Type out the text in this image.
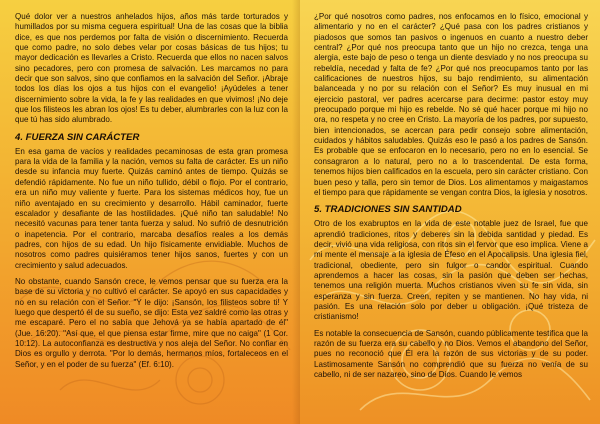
Qué dolor ver a nuestros anhelados hijos, años más tarde torturados y humillados por su misma ceguera espiritual! Una de las cosas que la biblia dice, es que nos perdemos por falta de visión o discernimiento. Recuerda que como padre, no solo debes velar por cosas básicas de tus hijos; tu mayor dedicación es llevarles a Cristo. Recuerda que ellos no nacen salvos sino pecadores, pero con promesa de salvación. Les marcamos no para decir que son salvos, sino que confiamos en la salvación del Señor. ¡Abraje todos los días los ojos a tus hijos con el evangelio! ¡Ayúdeles a tener discernimiento sobre la vida, la fe y las realidades en que vivimos! ¡No deje que los filisteos les abran los ojos! Es tu deber, alumbrarles con la luz con la que tú has sido alumbrado.

4. FUERZA SIN CARÁCTER

En esa gama de vacíos y realidades pecaminosas de esta gran promesa para la vida de la familia y la nación, vemos su falta de carácter. Es un niño desde su infancia muy fuerte. Quizás caminó antes de tiempo. Quizás se defendió rápidamente. No fue un niño tullido, débil o flojo. Por el contrario, era un niño muy valiente y fuerte. Para los sistemas médicos hoy, fue un niño aventajado en su crecimiento y desarrollo. Hábil caminador, fuerte escalador y desafiante de las hostilidades. ¡Qué niño tan saludable! No necesitó vacunas para tener tanta fuerza y salud. No sufrió de desnutrición o inapetencia. Por el contrario, marcaba desafíos reales a los demás padres, con hijos de su edad. Un hijo físicamente envidiable. Muchos de nosotros como padres quisiéramos tener hijos sanos, fuertes y con un crecimiento y salud adecuados.

No obstante, cuando Sansón crece, le vemos pensar que su fuerza era la base de su victoria y no cultivó el carácter. Se apoyó en sus capacidades y no en su relación con el Señor. "Y le dijo: ¡Sansón, los filisteos sobre ti! Y luego que despertó él de su sueño, se dijo: Esta vez saldré como las otras y me escaparé. Pero el no sabía que Jehová ya se había apartado de él" (Jue. 16:20). "Así que, el que piensa estar firme, mire que no caiga" (1 Cor. 10:12). La autoconfianza es destructiva y nos aleja del Señor. No confiar en Dios es orgullo y derrota. "Por lo demás, hermanos míos, fortaleceos en el Señor, y en el poder de su fuerza" (Ef. 6:10).

¿Por qué nosotros como padres, nos enfocamos en lo físico, emocional y alimentario y no en el carácter? ¿Qué pasa con los padres cristianos y piadosos que somos tan pasivos o ingenuos en cuanto a nuestro deber central? ¿Por qué nos preocupa tanto que un hijo no crezca, tenga una alergia, este bajo de peso o tenga un diente desviado y no nos preocupa su rebeldía, necedad y falta de fe? ¿Por qué nos preocupamos tanto por las calificaciones de nuestros hijos, su bajo rendimiento, su alimentación balanceada y no por su relación con el Señor? Es muy inusual en mi ejercicio pastoral, ver padres acercarse para decirme: pastor estoy muy preocupado porque mi hijo es rebelde. No sé qué hacer porque mi hijo no ora, no respeta y no cree en Cristo. La mayoría de los padres, por supuesto, bien intencionados, se acercan para pedir consejo sobre alimentación, cuidados y hábitos saludables. Quizás eso le pasó a los padres de Sansón. Es probable que se enfocaron en lo necesario, pero no en lo esencial. Se consagraron a lo natural, pero no a lo trascendental. De esta forma, tenemos hijos bien calificados en la escuela, pero sin carácter cristiano. Con buen peso y talla, pero sin temor de Dios. Los alimentamos y maigastamos el tiempo para que rápidamente se vengan contra Dios, la iglesia y nosotros.

5. TRADICIONES SIN SANTIDAD

Otro de los exabruptos en la vida de este notable juez de Israel, fue que aprendió tradiciones, ritos y deberes sin la debida santidad y piedad. Es decir, vivió una vida religiosa, con ritos sin el fervor que eso implica. Viene a mi mente el mensaje a la iglesia de Éfeso en el Apocalipsis. Una iglesia fiel, tradicional, obediente, pero sin fulgor o candor espiritual. Cuando aprendemos a hacer las cosas, sin la pasión que deben ser hechas, tenemos una religión muerta. Muchos cristianos viven su fe sin vida, sin esperanza y sin fuerza. Creen, repiten y se mantienen. No hay vida, ni pasión. Es una relación solo por deber u obligación. ¡Qué tristeza de cristianismo!

Es notable la consecuencia de Sansón, cuando públicamente testifica que la razón de su fuerza era su cabello y no Dios. Vemos el abandono del Señor, pues no reconoció que Él era la razón de sus victorias y de su poder. Lastimosamente Sansón no comprendió que su fuerza no venía de su cabello, ni de ser nazareo, sino de Dios. Cuando le vemos
